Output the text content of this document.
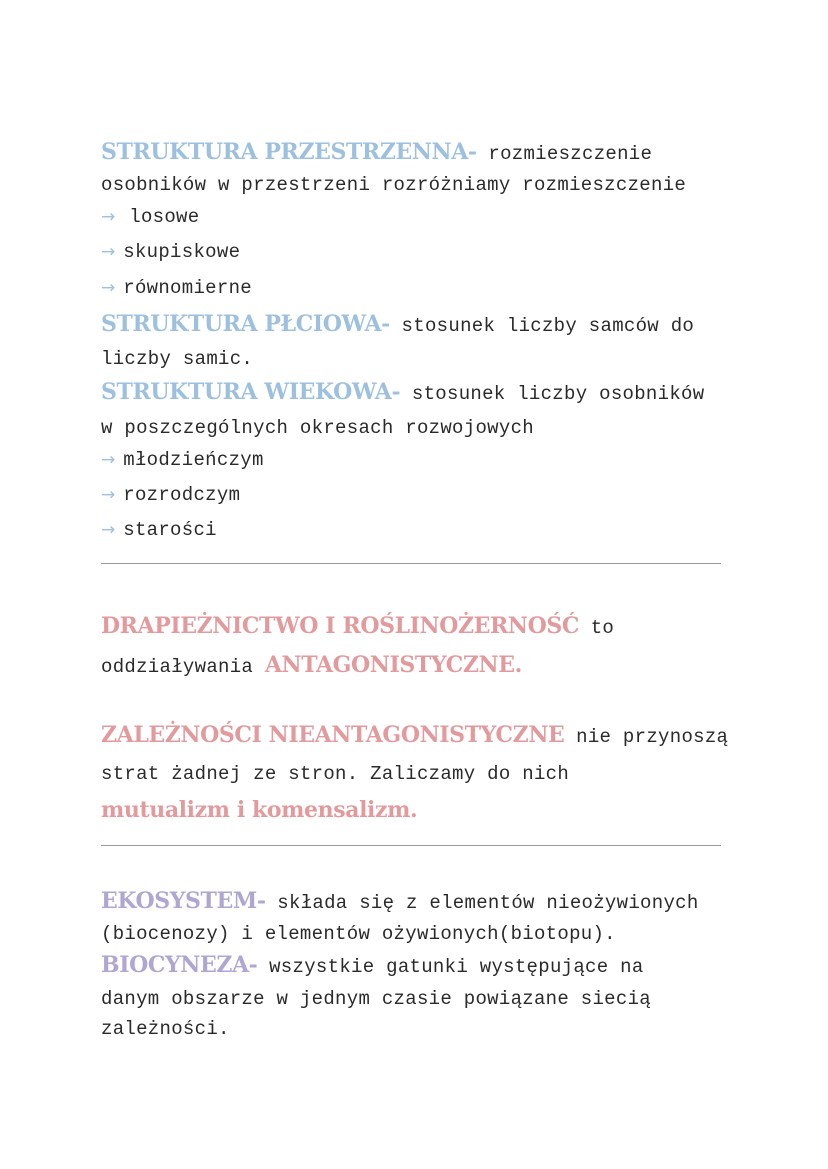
STRUKTURA PRZESTRZENNA- rozmieszczenie
osobników w przestrzeni rozróżniamy rozmieszczenie
→ losowe
→ skupiskowe
→ równomierne
STRUKTURA PŁCIOWA- stosunek liczby samców do
liczby samic.
STRUKTURA WIEKOWA- stosunek liczby osobników
w poszczególnych okresach rozwojowych
→ młodzieńczym
→ rozrodczym
→ starości
DRAPIEŻNICTWO I ROŚLINOŻERNOŚĆ to
oddziaływania ANTAGONISTYCZNE.
ZALEŻNOŚCI NIEANTAGONISTYCZNE nie przynoszą
strat żadnej ze stron. Zaliczamy do nich
mutualizm i komensalizm.
EKOSYSTEM- składa się z elementów nieożywionych
(biocenozy) i elementów ożywionych(biotopu).
BIOCYNEZA- wszystkie gatunki występujące na
danym obszarze w jednym czasie powiązane siecią
zależności.
